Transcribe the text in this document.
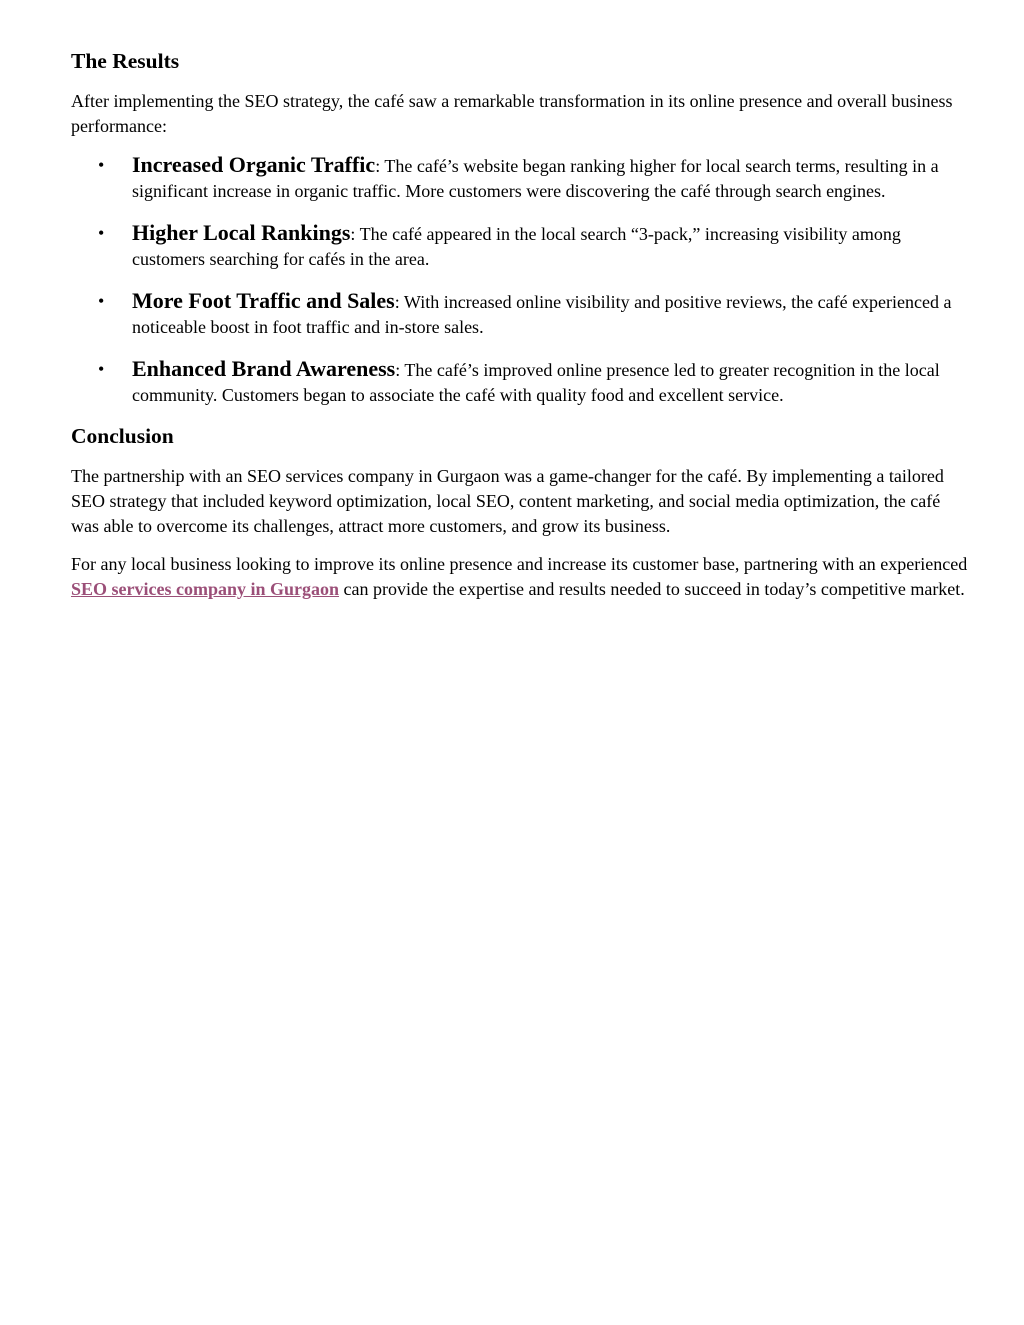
The Results

After implementing the SEO strategy, the café saw a remarkable transformation in its online presence and overall business performance:

• Increased Organic Traffic: The café’s website began ranking higher for local search terms, resulting in a significant increase in organic traffic. More customers were discovering the café through search engines.
• Higher Local Rankings: The café appeared in the local search “3-pack,” increasing visibility among customers searching for cafés in the area.
• More Foot Traffic and Sales: With increased online visibility and positive reviews, the café experienced a noticeable boost in foot traffic and in-store sales.
• Enhanced Brand Awareness: The café’s improved online presence led to greater recognition in the local community. Customers began to associate the café with quality food and excellent service.
Conclusion

The partnership with an SEO services company in Gurgaon was a game-changer for the café. By implementing a tailored SEO strategy that included keyword optimization, local SEO, content marketing, and social media optimization, the café was able to overcome its challenges, attract more customers, and grow its business.

For any local business looking to improve its online presence and increase its customer base, partnering with an experienced SEO services company in Gurgaon can provide the expertise and results needed to succeed in today’s competitive market.
